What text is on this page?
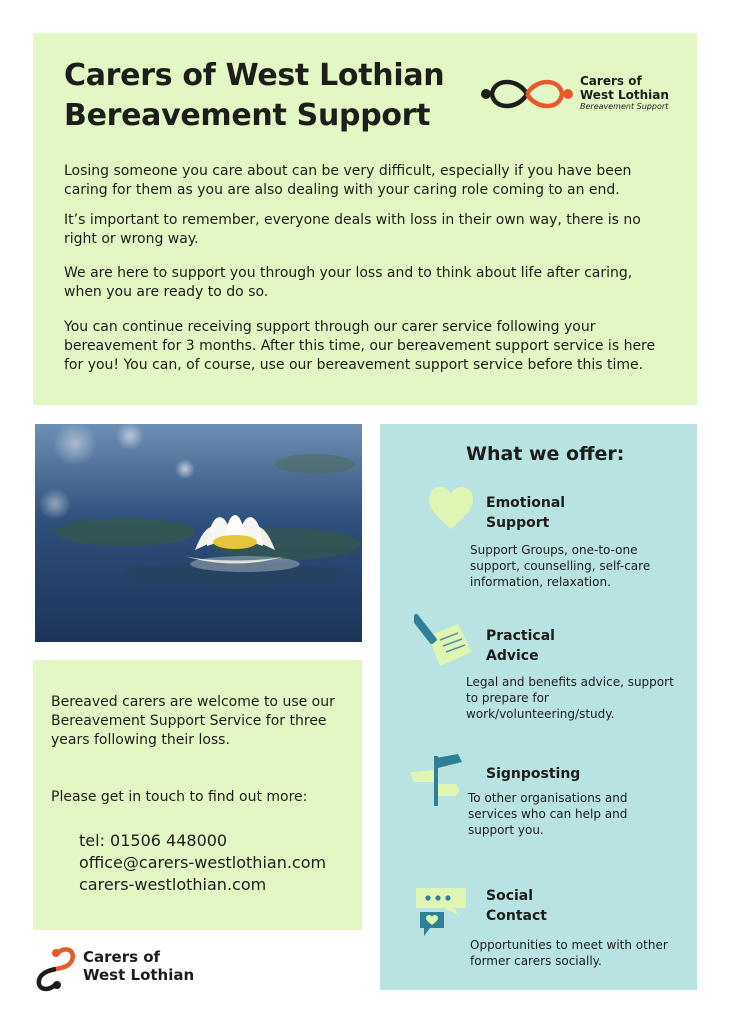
Carers of West Lothian
Bereavement Support
Carers of
West Lothian
Bereavement Support
Losing someone you care about can be very difficult, especially if you have been caring for them as you are also dealing with your caring role coming to an end.
It’s important to remember, everyone deals with loss in their own way, there is no right or wrong way.
We are here to support you through your loss and to think about life after caring, when you are ready to do so.
You can continue receiving support through our carer service following your bereavement for 3 months. After this time, our bereavement support service is here for you! You can, of course, use our bereavement support service before this time.
What we offer:
Emotional
Support
Support Groups, one-to-one support, counselling, self-care information, relaxation.
Practical
Advice
Legal and benefits advice, support to prepare for work/volunteering/study.
Signposting
To other organisations and services who can help and support you.
Social
Contact
Opportunities to meet with other former carers socially.
Bereaved carers are welcome to use our Bereavement Support Service for three years following their loss.
Please get in touch to find out more:
tel: 01506 448000
office@carers-westlothian.com
carers-westlothian.com
Carers of
West Lothian
